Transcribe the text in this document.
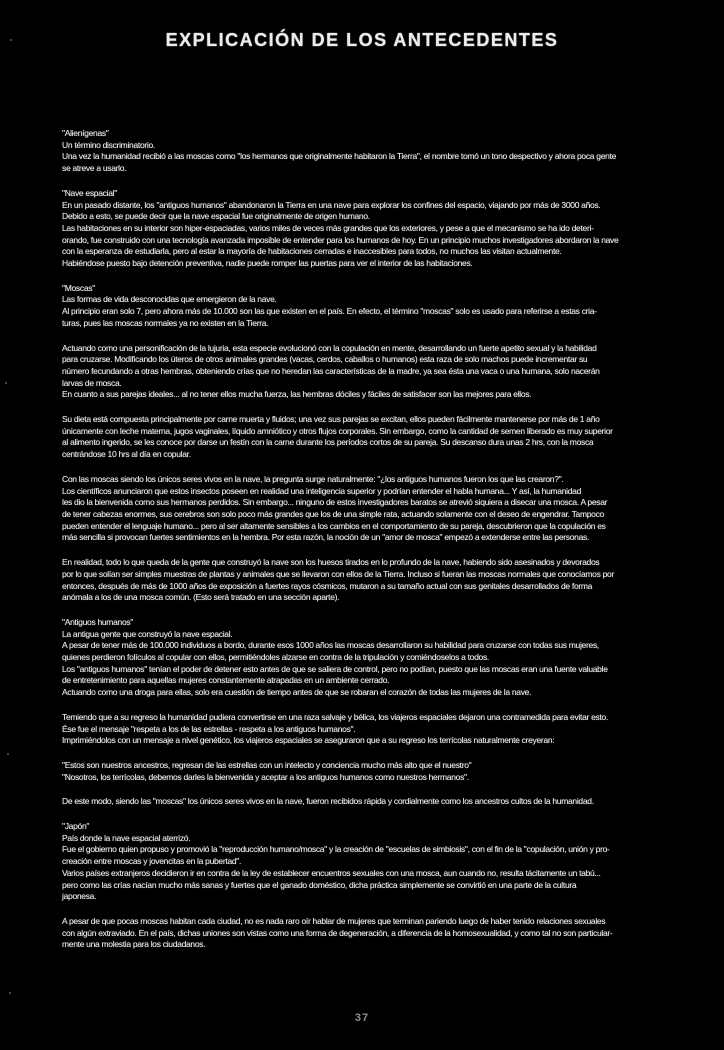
EXPLICACIÓN DE LOS ANTECEDENTES
"Alienígenas"
Un término discriminatorio.
Una vez la humanidad recibió a las moscas como "los hermanos que originalmente habitaron la Tierra", el nombre tomó un tono despectivo y ahora poca gente
se atreve a usarlo.
"Nave espacial"
En un pasado distante, los "antiguos humanos" abandonaron la Tierra en una nave para explorar los confines del espacio, viajando por más de 3000 años.
Debido a esto, se puede decir que la nave espacial fue originalmente de origen humano.
Las habitaciones en su interior son hiper-espaciadas, varios miles de veces más grandes que los exteriores, y pese a que el mecanismo se ha ido deteri-
orando, fue construido con una tecnología avanzada imposible de entender para los humanos de hoy. En un principio muchos investigadores abordaron la nave
con la esperanza de estudiarla, pero al estar la mayoría de habitaciones cerradas e inaccesibles para todos, no muchos las visitan actualmente.
Habiéndose puesto bajo detención preventiva, nadie puede romper las puertas para ver el interior de las habitaciones.
"Moscas"
Las formas de vida desconocidas que emergieron de la nave.
Al principio eran solo 7, pero ahora más de 10.000 son las que existen en el país. En efecto, el término "moscas" solo es usado para referirse a estas cria-
turas, pues las moscas normales ya no existen en la Tierra.
Actuando como una personificación de la lujuria, esta especie evolucionó con la copulación en mente, desarrollando un fuerte apetito sexual y la habilidad
para cruzarse. Modificando los úteros de otros animales grandes (vacas, cerdos, caballos o humanos) esta raza de solo machos puede incrementar su
número fecundando a otras hembras, obteniendo crías que no heredan las características de la madre, ya sea ésta una vaca o una humana, solo nacerán
larvas de mosca.
En cuanto a sus parejas ideales... al no tener ellos mucha fuerza, las hembras dóciles y fáciles de satisfacer son las mejores para ellos.
Su dieta está compuesta principalmente por carne muerta y fluidos; una vez sus parejas se excitan, ellos pueden fácilmente mantenerse por más de 1 año
únicamente con leche materna, jugos vaginales, líquido amniótico y otros flujos corporales. Sin embargo, como la cantidad de semen liberado es muy superior
al alimento ingerido, se les conoce por darse un festín con la carne durante los períodos cortos de su pareja. Su descanso dura unas 2 hrs, con la mosca
centrándose 10 hrs al día en copular.
Con las moscas siendo los únicos seres vivos en la nave, la pregunta surge naturalmente: "¿los antiguos humanos fueron los que las crearon?".
Los científicos anunciaron que estos insectos poseen en realidad una inteligencia superior y podrían entender el habla humana... Y así, la humanidad
les dio la bienvenida como sus hermanos perdidos. Sin embargo... ninguno de estos investigadores baratos se atrevió siquiera a disecar una mosca. A pesar
de tener cabezas enormes, sus cerebros son solo poco más grandes que los de una simple rata, actuando solamente con el deseo de engendrar. Tampoco
pueden entender el lenguaje humano... pero al ser altamente sensibles a los cambios en el comportamiento de su pareja, descubrieron que la copulación es
más sencilla si provocan fuertes sentimientos en la hembra. Por esta razón, la noción de un "amor de mosca" empezó a extenderse entre las personas.
En realidad, todo lo que queda de la gente que construyó la nave son los huesos tirados en lo profundo de la nave, habiendo sido asesinados y devorados
por lo que solían ser simples muestras de plantas y animales que se llevaron con ellos de la Tierra. Incluso si fueran las moscas normales que conocíamos por
entonces, después de más de 1000 años de exposición a fuertes rayos cósmicos, mutaron a su tamaño actual con sus genitales desarrollados de forma
anómala a los de una mosca común. (Esto será tratado en una sección aparte).
"Antiguos humanos"
La antigua gente que construyó la nave espacial.
A pesar de tener más de 100.000 individuos a bordo, durante esos 1000 años las moscas desarrollaron su habilidad para cruzarse con todas sus mujeres,
quienes perdieron folículos al copular con ellos, permitiéndoles alzarse en contra de la tripulación y comiéndoselos a todos.
Los "antiguos humanos" tenían el poder de detener esto antes de que se saliera de control, pero no podían, puesto que las moscas eran una fuente valuable
de entretenimiento para aquellas mujeres constantemente atrapadas en un ambiente cerrado.
Actuando como una droga para ellas, solo era cuestión de tiempo antes de que se robaran el corazón de todas las mujeres de la nave.
Temiendo que a su regreso la humanidad pudiera convertirse en una raza salvaje y bélica, los viajeros espaciales dejaron una contramedida para evitar esto.
Ése fue el mensaje "respeta a los de las estrellas - respeta a los antiguos humanos".
Imprimiéndolos con un mensaje a nivel genético, los viajeros espaciales se aseguraron que a su regreso los terrícolas naturalmente creyeran:
"Estos son nuestros ancestros, regresan de las estrellas con un intelecto y conciencia mucho más alto que el nuestro"
"Nosotros, los terrícolas, debemos darles la bienvenida y aceptar a los antiguos humanos como nuestros hermanos".
De este modo, siendo las "moscas" los únicos seres vivos en la nave, fueron recibidos rápida y cordialmente como los ancestros cultos de la humanidad.
"Japón"
País donde la nave espacial aterrizó.
Fue el gobierno quien propuso y promovió la "reproducción humano/mosca" y la creación de "escuelas de simbiosis", con el fin de la "copulación, unión y pro-
creación entre moscas y jovencitas en la pubertad".
Varios países extranjeros decidieron ir en contra de la ley de establecer encuentros sexuales con una mosca, aun cuando no, resulta tácitamente un tabú...
pero como las crías nacían mucho más sanas y fuertes que el ganado doméstico, dicha práctica simplemente se convirtió en una parte de la cultura
japonesa.
A pesar de que pocas moscas habitan cada ciudad, no es nada raro oír hablar de mujeres que terminan pariendo luego de haber tenido relaciones sexuales
con algún extraviado. En el país, dichas uniones son vistas como una forma de degeneración, a diferencia de la homosexualidad, y como tal no son particular-
mente una molestia para los ciudadanos.
37
